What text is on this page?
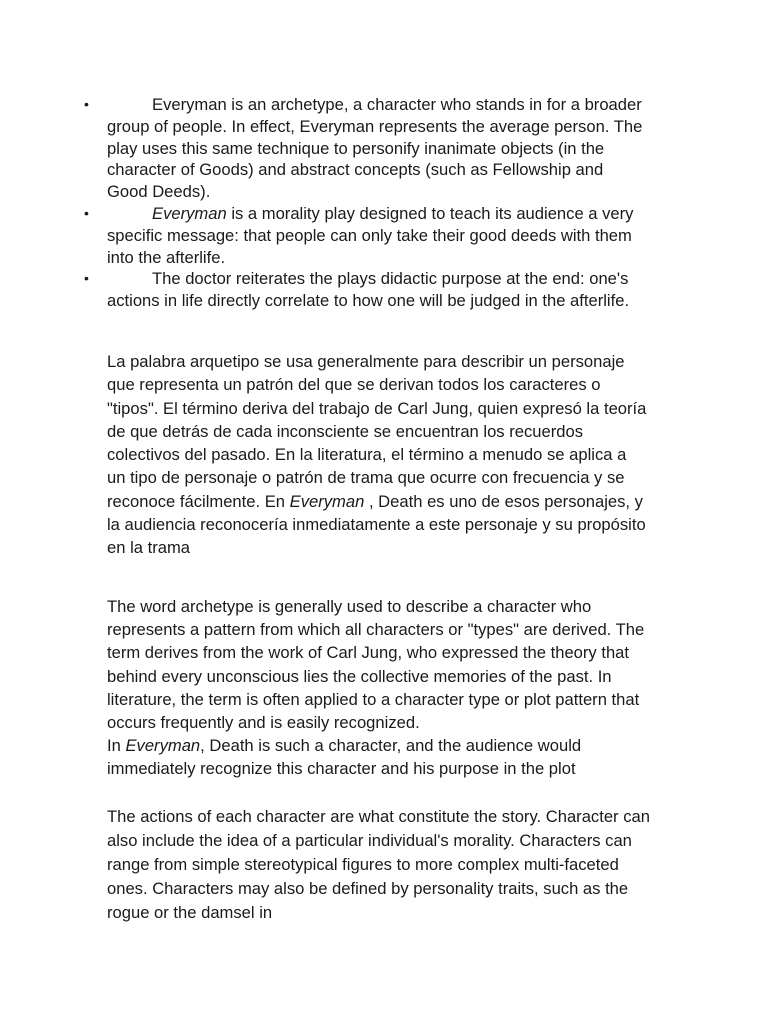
•	Everyman is an archetype, a character who stands in for a broader group of people. In effect, Everyman represents the average person. The play uses this same technique to personify inanimate objects (in the character of Goods) and abstract concepts (such as Fellowship and Good Deeds).
•	Everyman is a morality play designed to teach its audience a very specific message: that people can only take their good deeds with them into the afterlife.
•	The doctor reiterates the plays didactic purpose at the end: one's actions in life directly correlate to how one will be judged in the afterlife.

La palabra arquetipo se usa generalmente para describir un personaje que representa un patrón del que se derivan todos los caracteres o "tipos". El término deriva del trabajo de Carl Jung, quien expresó la teoría de que detrás de cada inconsciente se encuentran los recuerdos colectivos del pasado. En la literatura, el término a menudo se aplica a un tipo de personaje o patrón de trama que ocurre con frecuencia y se reconoce fácilmente. En Everyman , Death es uno de esos personajes, y la audiencia reconocería inmediatamente a este personaje y su propósito en la trama

The word archetype is generally used to describe a character who represents a pattern from which all characters or "types" are derived. The term derives from the work of Carl Jung, who expressed the theory that behind every unconscious lies the collective memories of the past. In literature, the term is often applied to a character type or plot pattern that occurs frequently and is easily recognized.
In Everyman, Death is such a character, and the audience would immediately recognize this character and his purpose in the plot

The actions of each character are what constitute the story. Character can also include the idea of a particular individual's morality. Characters can range from simple stereotypical figures to more complex multi-faceted ones. Characters may also be defined by personality traits, such as the rogue or the damsel in
